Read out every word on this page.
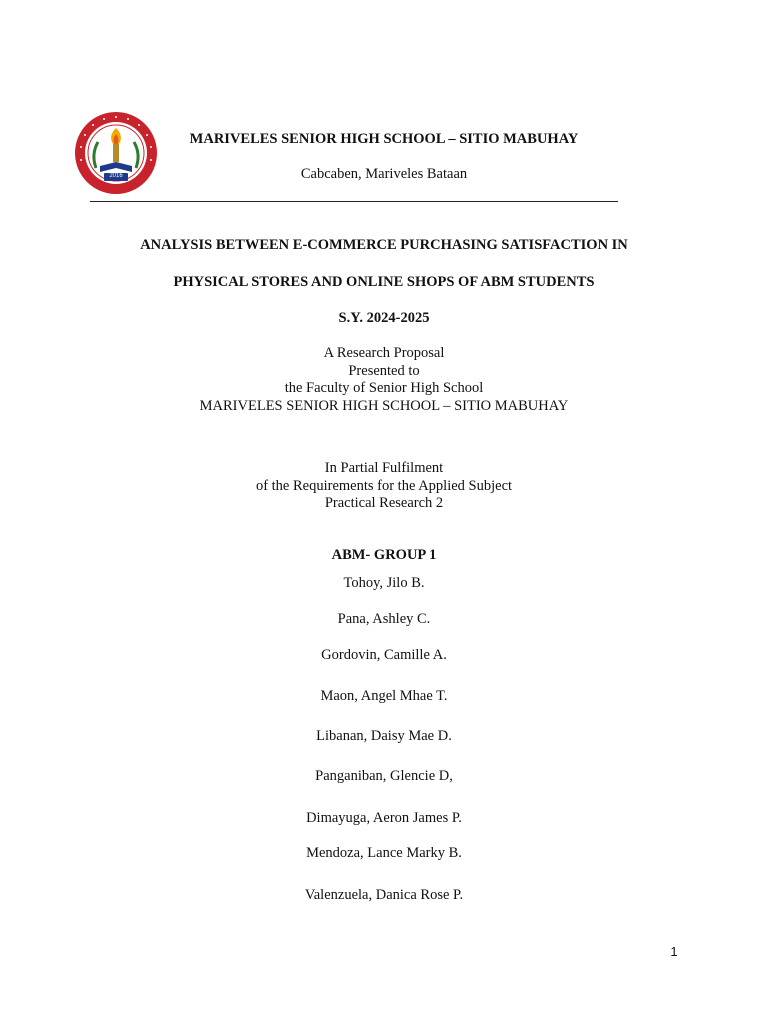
2016
MARIVELES SENIOR HIGH SCHOOL – SITIO MABUHAY
Cabcaben, Mariveles Bataan
ANALYSIS BETWEEN E-COMMERCE PURCHASING SATISFACTION IN
PHYSICAL STORES AND ONLINE SHOPS OF ABM STUDENTS
S.Y. 2024-2025
A Research Proposal
Presented to
the Faculty of Senior High School
MARIVELES SENIOR HIGH SCHOOL – SITIO MABUHAY
In Partial Fulfilment
of the Requirements for the Applied Subject
Practical Research 2
ABM- GROUP 1
Tohoy, Jilo B.
Pana, Ashley C.
Gordovin, Camille A.
Maon, Angel Mhae T.
Libanan, Daisy Mae D.
Panganiban, Glencie D,
Dimayuga, Aeron James P.
Mendoza, Lance Marky B.
Valenzuela, Danica Rose P.
1
